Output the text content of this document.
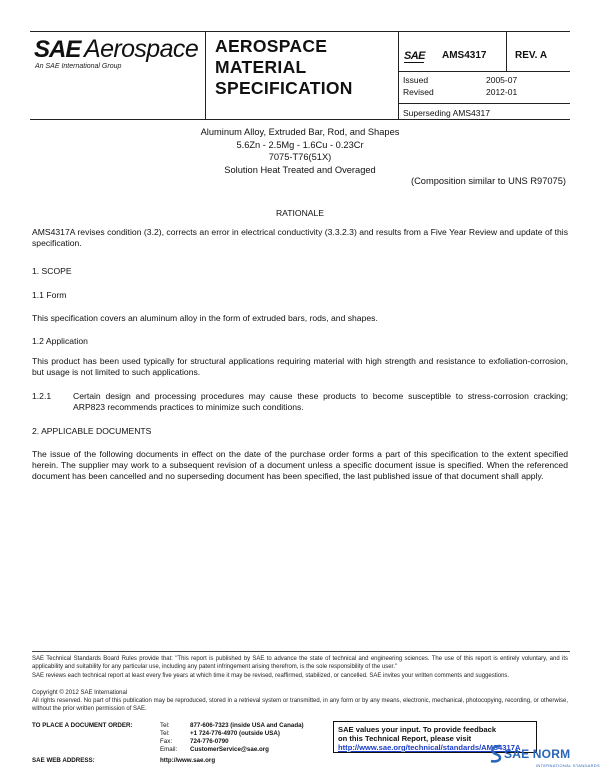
SAE Aerospace
An SAE International Group
AEROSPACE
MATERIAL
SPECIFICATION
SAE AMS4317	REV. A
Issued	2005-07
Revised	2012-01
Superseding AMS4317
Aluminum Alloy, Extruded Bar, Rod, and Shapes
5.6Zn - 2.5Mg - 1.6Cu - 0.23Cr
7075-T76(51X)
Solution Heat Treated and Overaged
(Composition similar to UNS R97075)
RATIONALE
AMS4317A revises condition (3.2), corrects an error in electrical conductivity (3.3.2.3) and results from a Five Year Review and update of this specification.
1. SCOPE
1.1 Form
This specification covers an aluminum alloy in the form of extruded bars, rods, and shapes.
1.2 Application
This product has been used typically for structural applications requiring material with high strength and resistance to exfoliation-corrosion, but usage is not limited to such applications.
1.2.1	Certain design and processing procedures may cause these products to become susceptible to stress-corrosion cracking; ARP823 recommends practices to minimize such conditions.
2. APPLICABLE DOCUMENTS
The issue of the following documents in effect on the date of the purchase order forms a part of this specification to the extent specified herein. The supplier may work to a subsequent revision of a document unless a specific document issue is specified. When the referenced document has been cancelled and no superseding document has been specified, the last published issue of that document shall apply.
SAE Technical Standards Board Rules provide that: "This report is published by SAE to advance the state of technical and engineering sciences. The use of this report is entirely voluntary, and its applicability and suitability for any particular use, including any patent infringement arising therefrom, is the sole responsibility of the user."
SAE reviews each technical report at least every five years at which time it may be revised, reaffirmed, stabilized, or cancelled. SAE invites your written comments and suggestions.
Copyright © 2012 SAE International
All rights reserved. No part of this publication may be reproduced, stored in a retrieval system or transmitted, in any form or by any means, electronic, mechanical, photocopying, recording, or otherwise, without the prior written permission of SAE.
TO PLACE A DOCUMENT ORDER:	Tel:	877-606-7323 (inside USA and Canada)
Tel:	+1 724-776-4970 (outside USA)
Fax:	724-776-0790
Email: CustomerService@sae.org
SAE WEB ADDRESS:	http://www.sae.org
SAE values your input. To provide feedback
on this Technical Report, please visit
http://www.sae.org/technical/standards/AMS4317A
SAE NORM
INTERNATIONAL STANDARDS
